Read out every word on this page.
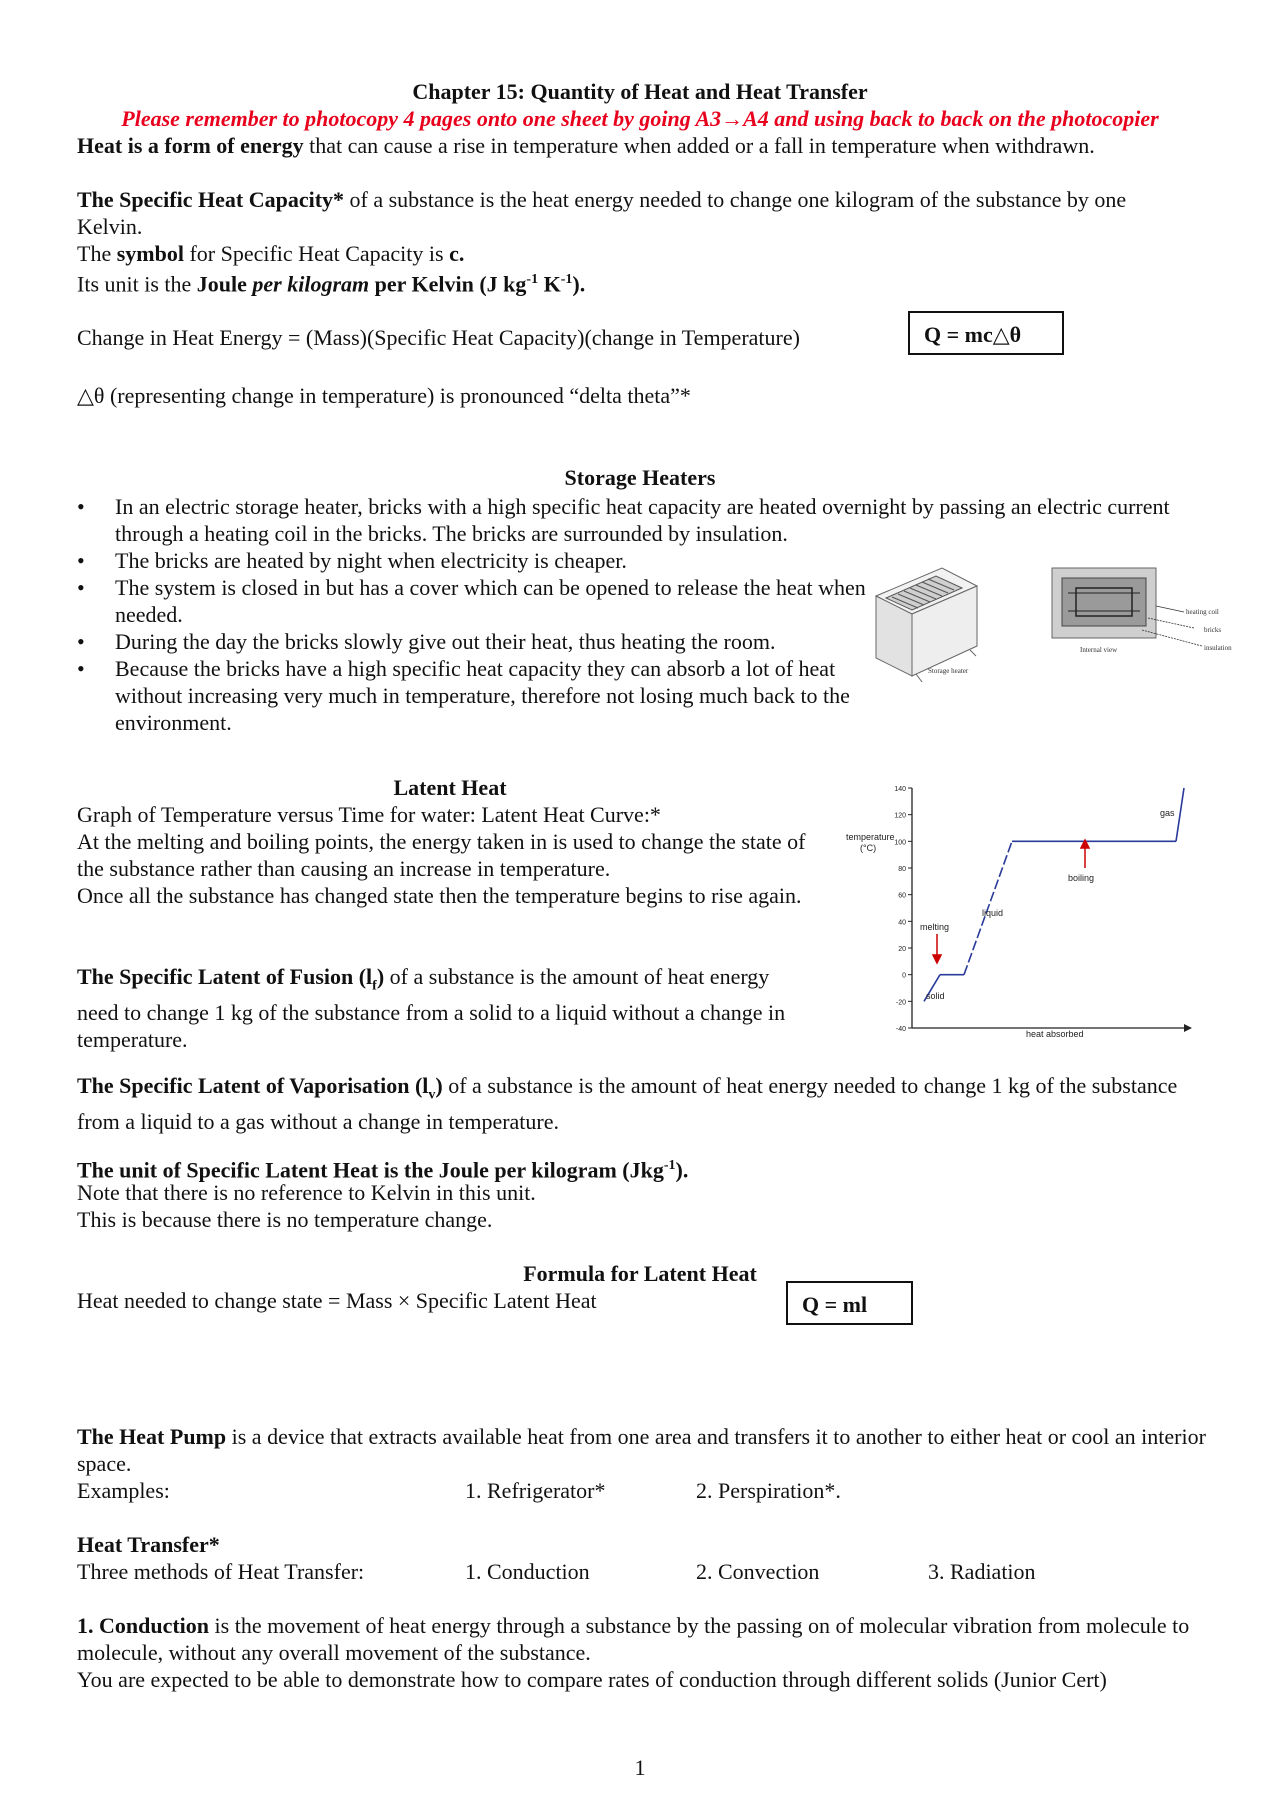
Chapter 15: Quantity of Heat and Heat Transfer
Please remember to photocopy 4 pages onto one sheet by going A3→A4 and using back to back on the photocopier
Heat is a form of energy that can cause a rise in temperature when added or a fall in temperature when withdrawn.
The Specific Heat Capacity* of a substance is the heat energy needed to change one kilogram of the substance by one Kelvin.
The symbol for Specific Heat Capacity is c.
Its unit is the Joule per kilogram per Kelvin (J $kg^{-1}$ $K^{-1}$).
Change in Heat Energy = (Mass)(Specific Heat Capacity)(change in Temperature)	Q = mc△θ
△θ (representing change in temperature) is pronounced “delta theta”*
Storage Heaters
• In an electric storage heater, bricks with a high specific heat capacity are heated overnight by passing an electric current through a heating coil in the bricks. The bricks are surrounded by insulation.
• The bricks are heated by night when electricity is cheaper.
• The system is closed in but has a cover which can be opened to release the heat when needed.
• During the day the bricks slowly give out their heat, thus heating the room.
• Because the bricks have a high specific heat capacity they can absorb a lot of heat without increasing very much in temperature, therefore not losing much back to the environment.
Storage heater
Internal view
heating coil
bricks
insulation
Latent Heat
Graph of Temperature versus Time for water: Latent Heat Curve:*
At the melting and boiling points, the energy taken in is used to change the state of the substance rather than causing an increase in temperature.
Once all the substance has changed state then the temperature begins to rise again.
The Specific Latent of Fusion $(l_f)$ of a substance is the amount of heat energy need to change 1 kg of the substance from a solid to a liquid without a change in temperature.	-40
-20
0
20
40
60
80
100
120
140
temperature
(°C)
heat absorbed
solid
melting
liquid
boiling
gas
The Specific Latent of Vaporisation $(l_v)$ of a substance is the amount of heat energy needed to change 1 kg of the substance from a liquid to a gas without a change in temperature.
The unit of Specific Latent Heat is the Joule per kilogram (Jkg$^{-1}$).
Note that there is no reference to Kelvin in this unit.
This is because there is no temperature change.
Formula for Latent Heat
Heat needed to change state = Mass × Specific Latent Heat	Q = ml
The Heat Pump is a device that extracts available heat from one area and transfers it to another to either heat or cool an interior space.
Examples:	1. Refrigerator*	2. Perspiration*.
Heat Transfer*
Three methods of Heat Transfer:	1. Conduction	2. Convection	3. Radiation
1. Conduction is the movement of heat energy through a substance by the passing on of molecular vibration from molecule to molecule, without any overall movement of the substance.
You are expected to be able to demonstrate how to compare rates of conduction through different solids (Junior Cert)
1
